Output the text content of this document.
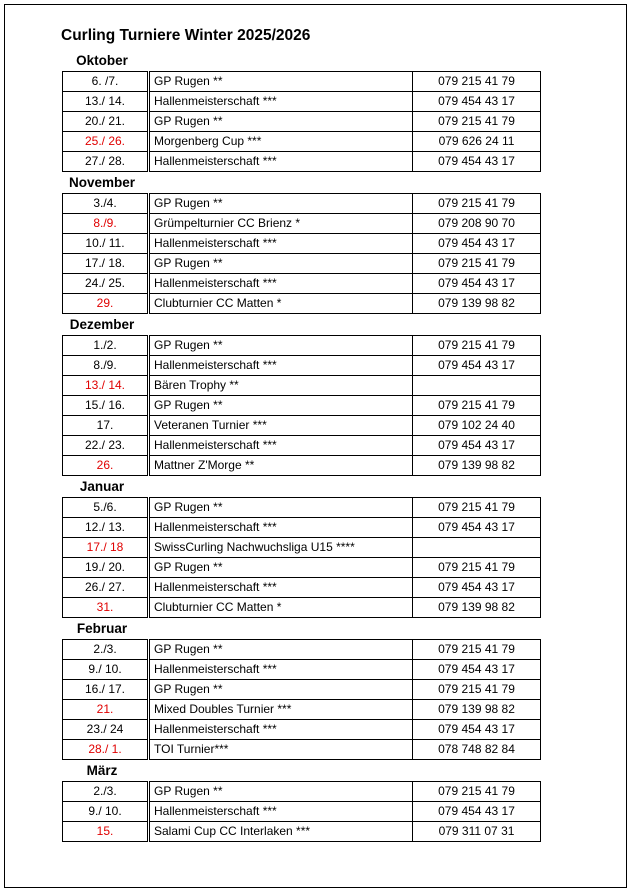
Curling Turniere Winter 2025/2026
Oktober
6. /7.	GP Rugen **	079 215 41 79
13./ 14.	Hallenmeisterschaft ***	079 454 43 17
20./ 21.	GP Rugen **	079 215 41 79
25./ 26.	Morgenberg Cup ***	079 626 24 11
27./ 28.	Hallenmeisterschaft ***	079 454 43 17
November
3./4.	GP Rugen **	079 215 41 79
8./9.	Grümpelturnier CC Brienz *	079 208 90 70
10./ 11.	Hallenmeisterschaft ***	079 454 43 17
17./ 18.	GP Rugen **	079 215 41 79
24./ 25.	Hallenmeisterschaft ***	079 454 43 17
29.	Clubturnier CC Matten *	079 139 98 82
Dezember
1./2.	GP Rugen **	079 215 41 79
8./9.	Hallenmeisterschaft ***	079 454 43 17
13./ 14.	Bären Trophy **	
15./ 16.	GP Rugen **	079 215 41 79
17.	Veteranen Turnier ***	079 102 24 40
22./ 23.	Hallenmeisterschaft ***	079 454 43 17
26.	Mattner Z'Morge **	079 139 98 82
Januar
5./6.	GP Rugen **	079 215 41 79
12./ 13.	Hallenmeisterschaft ***	079 454 43 17
17./ 18	SwissCurling Nachwuchsliga U15 ****	
19./ 20.	GP Rugen **	079 215 41 79
26./ 27.	Hallenmeisterschaft ***	079 454 43 17
31.	Clubturnier CC Matten *	079 139 98 82
Februar
2./3.	GP Rugen **	079 215 41 79
9./ 10.	Hallenmeisterschaft ***	079 454 43 17
16./ 17.	GP Rugen **	079 215 41 79
21.	Mixed Doubles Turnier ***	079 139 98 82
23./ 24	Hallenmeisterschaft ***	079 454 43 17
28./ 1.	TOI Turnier***	078 748 82 84
März
2./3.	GP Rugen **	079 215 41 79
9./ 10.	Hallenmeisterschaft ***	079 454 43 17
15.	Salami Cup CC Interlaken ***	079 311 07 31
